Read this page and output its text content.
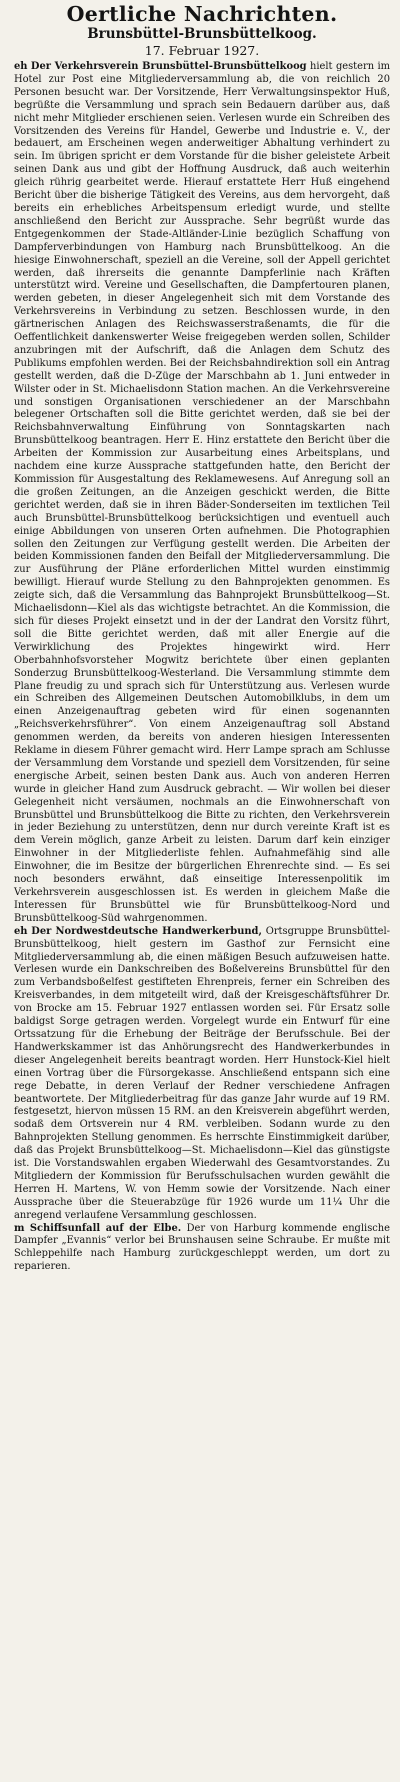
Oertliche Nachrichten.
Brunsbüttel-Brunsbüttelkoog.
17. Februar 1927.

eh Der Verkehrsverein Brunsbüttel-Brunsbüttelkoog hielt gestern im Hotel zur Post eine Mitgliederversammlung ab, die von reichlich 20 Personen besucht war. Der Vorsitzende, Herr Verwaltungsinspektor Huß, begrüßte die Versammlung und sprach sein Bedauern darüber aus, daß nicht mehr Mitglieder erschienen seien. Verlesen wurde ein Schreiben des Vorsitzenden des Vereins für Handel, Gewerbe und Industrie e. V., der bedauert, am Erscheinen wegen anderweitiger Abhaltung verhindert zu sein. Im übrigen spricht er dem Vorstande für die bisher geleistete Arbeit seinen Dank aus und gibt der Hoffnung Ausdruck, daß auch weiterhin gleich rührig gearbeitet werde. Hierauf erstattete Herr Huß eingehend Bericht über die bisherige Tätigkeit des Vereins, aus dem hervorgeht, daß bereits ein erhebliches Arbeitspensum erledigt wurde, und stellte anschließend den Bericht zur Aussprache. Sehr begrüßt wurde das Entgegenkommen der Stade-Altländer-Linie bezüglich Schaffung von Dampferverbindungen von Hamburg nach Brunsbüttelkoog. An die hiesige Einwohnerschaft, speziell an die Vereine, soll der Appell gerichtet werden, daß ihrerseits die genannte Dampferlinie nach Kräften unterstützt wird. Vereine und Gesellschaften, die Dampfertouren planen, werden gebeten, in dieser Angelegenheit sich mit dem Vorstande des Verkehrsvereins in Verbindung zu setzen. Beschlossen wurde, in den gärtnerischen Anlagen des Reichswasserstraßenamts, die für die Oeffentlichkeit dankenswerter Weise freigegeben werden sollen, Schilder anzubringen mit der Aufschrift, daß die Anlagen dem Schutz des Publikums empfohlen werden. Bei der Reichsbahndirektion soll ein Antrag gestellt werden, daß die D-Züge der Marschbahn ab 1. Juni entweder in Wilster oder in St. Michaelisdonn Station machen. An die Verkehrsvereine und sonstigen Organisationen verschiedener an der Marschbahn belegener Ortschaften soll die Bitte gerichtet werden, daß sie bei der Reichsbahnverwaltung Einführung von Sonntagskarten nach Brunsbüttelkoog beantragen. Herr E. Hinz erstattete den Bericht über die Arbeiten der Kommission zur Ausarbeitung eines Arbeitsplans, und nachdem eine kurze Aussprache stattgefunden hatte, den Bericht der Kommission für Ausgestaltung des Reklamewesens. Auf Anregung soll an die großen Zeitungen, an die Anzeigen geschickt werden, die Bitte gerichtet werden, daß sie in ihren Bäder-Sonderseiten im textlichen Teil auch Brunsbüttel-Brunsbüttelkoog berücksichtigen und eventuell auch einige Abbildungen von unseren Orten aufnehmen. Die Photographien sollen den Zeitungen zur Verfügung gestellt werden. Die Arbeiten der beiden Kommissionen fanden den Beifall der Mitgliederversammlung. Die zur Ausführung der Pläne erforderlichen Mittel wurden einstimmig bewilligt. Hierauf wurde Stellung zu den Bahnprojekten genommen. Es zeigte sich, daß die Versammlung das Bahnprojekt Brunsbüttelkoog—St. Michaelisdonn—Kiel als das wichtigste betrachtet. An die Kommission, die sich für dieses Projekt einsetzt und in der der Landrat den Vorsitz führt, soll die Bitte gerichtet werden, daß mit aller Energie auf die Verwirklichung des Projektes hingewirkt wird. Herr Oberbahnhofsvorsteher Mogwitz berichtete über einen geplanten Sonderzug Brunsbüttelkoog-Westerland. Die Versammlung stimmte dem Plane freudig zu und sprach sich für Unterstützung aus. Verlesen wurde ein Schreiben des Allgemeinen Deutschen Automobilklubs, in dem um einen Anzeigenauftrag gebeten wird für einen sogenannten „Reichsverkehrsführer“. Von einem Anzeigenauftrag soll Abstand genommen werden, da bereits von anderen hiesigen Interessenten Reklame in diesem Führer gemacht wird. Herr Lampe sprach am Schlusse der Versammlung dem Vorstande und speziell dem Vorsitzenden, für seine energische Arbeit, seinen besten Dank aus. Auch von anderen Herren wurde in gleicher Hand zum Ausdruck gebracht. — Wir wollen bei dieser Gelegenheit nicht versäumen, nochmals an die Einwohnerschaft von Brunsbüttel und Brunsbüttelkoog die Bitte zu richten, den Verkehrsverein in jeder Beziehung zu unterstützen, denn nur durch vereinte Kraft ist es dem Verein möglich, ganze Arbeit zu leisten. Darum darf kein einziger Einwohner in der Mitgliederliste fehlen. Aufnahmefähig sind alle Einwohner, die im Besitze der bürgerlichen Ehrenrechte sind. — Es sei noch besonders erwähnt, daß einseitige Interessenpolitik im Verkehrsverein ausgeschlossen ist. Es werden in gleichem Maße die Interessen für Brunsbüttel wie für Brunsbüttelkoog-Nord und Brunsbüttelkoog-Süd wahrgenommen.

eh Der Nordwestdeutsche Handwerkerbund, Ortsgruppe Brunsbüttel-Brunsbüttelkoog, hielt gestern im Gasthof zur Fernsicht eine Mitgliederversammlung ab, die einen mäßigen Besuch aufzuweisen hatte. Verlesen wurde ein Dankschreiben des Boßelvereins Brunsbüttel für den zum Verbandsboßelfest gestifteten Ehrenpreis, ferner ein Schreiben des Kreisverbandes, in dem mitgeteilt wird, daß der Kreisgeschäftsführer Dr. von Brocke am 15. Februar 1927 entlassen worden sei. Für Ersatz solle baldigst Sorge getragen werden. Vorgelegt wurde ein Entwurf für eine Ortssatzung für die Erhebung der Beiträge der Berufsschule. Bei der Handwerkskammer ist das Anhörungsrecht des Handwerkerbundes in dieser Angelegenheit bereits beantragt worden. Herr Hunstock-Kiel hielt einen Vortrag über die Fürsorgekasse. Anschließend entspann sich eine rege Debatte, in deren Verlauf der Redner verschiedene Anfragen beantwortete. Der Mitgliederbeitrag für das ganze Jahr wurde auf 19 RM. festgesetzt, hiervon müssen 15 RM. an den Kreisverein abgeführt werden, sodaß dem Ortsverein nur 4 RM. verbleiben. Sodann wurde zu den Bahnprojekten Stellung genommen. Es herrschte Einstimmigkeit darüber, daß das Projekt Brunsbüttelkoog—St. Michaelisdonn—Kiel das günstigste ist. Die Vorstandswahlen ergaben Wiederwahl des Gesamtvorstandes. Zu Mitgliedern der Kommission für Berufsschulsachen wurden gewählt die Herren H. Martens, W. von Hemm sowie der Vorsitzende. Nach einer Aussprache über die Steuerabzüge für 1926 wurde um 11¼ Uhr die anregend verlaufene Versammlung geschlossen.

m Schiffsunfall auf der Elbe. Der von Harburg kommende englische Dampfer „Evannis“ verlor bei Brunshausen seine Schraube. Er mußte mit Schleppehilfe nach Hamburg zurückgeschleppt werden, um dort zu reparieren.
